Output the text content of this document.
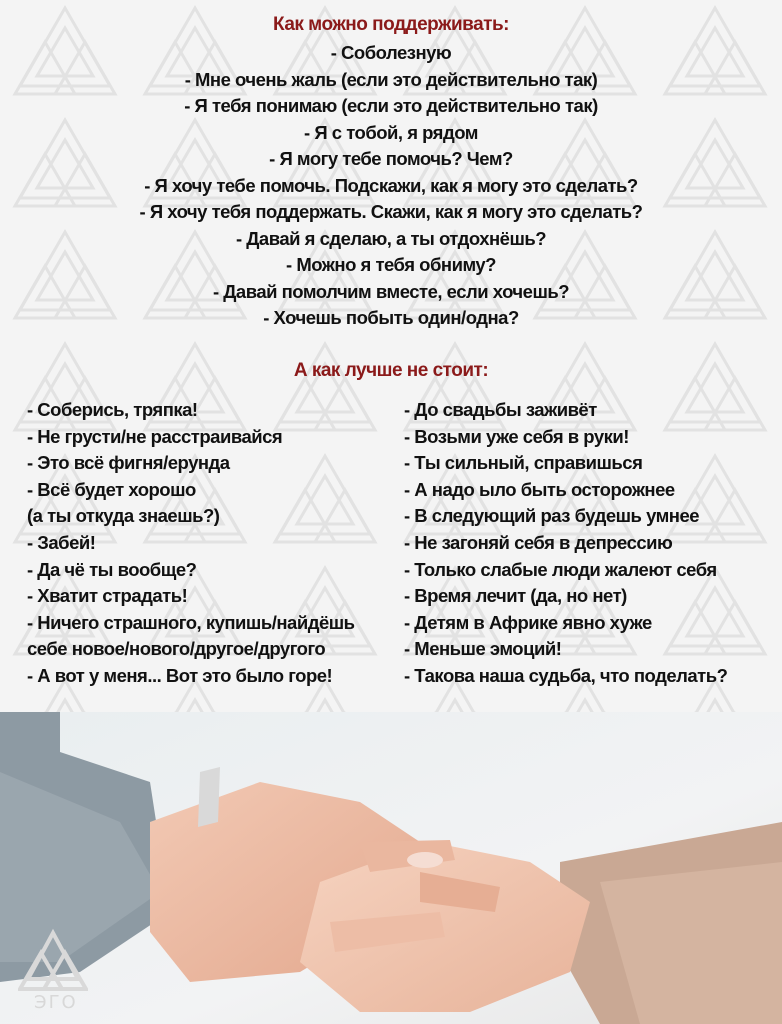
Как можно поддерживать:
- Соболезную
- Мне очень жаль (если это действительно так)
- Я тебя понимаю (если это действительно так)
- Я с тобой, я рядом
- Я могу тебе помочь? Чем?
- Я хочу тебе помочь. Подскажи, как я могу это сделать?
- Я хочу тебя поддержать. Скажи, как я могу это сделать?
- Давай я сделаю, а ты отдохнёшь?
- Можно я тебя обниму?
- Давай помолчим вместе, если хочешь?
- Хочешь побыть один/одна?
А как лучше не стоит:
- Соберись, тряпка!
- Не грусти/не расстраивайся
- Это всё фигня/ерунда
- Всё будет хорошо
(а ты откуда знаешь?)
- Забей!
- Да чё ты вообще?
- Хватит страдать!
- Ничего страшного, купишь/найдёшь
себе новое/нового/другое/другого
- А вот у меня... Вот это было горе!
- До свадьбы заживёт
- Возьми уже себя в руки!
- Ты сильный, справишься
- А надо ыло быть осторожнее
- В следующий раз будешь умнее
- Не загоняй себя в депрессию
- Только слабые люди жалеют себя
- Время лечит (да, но нет)
- Детям в Африке явно хуже
- Меньше эмоций!
- Такова наша судьба, что поделать?
ЭГО
